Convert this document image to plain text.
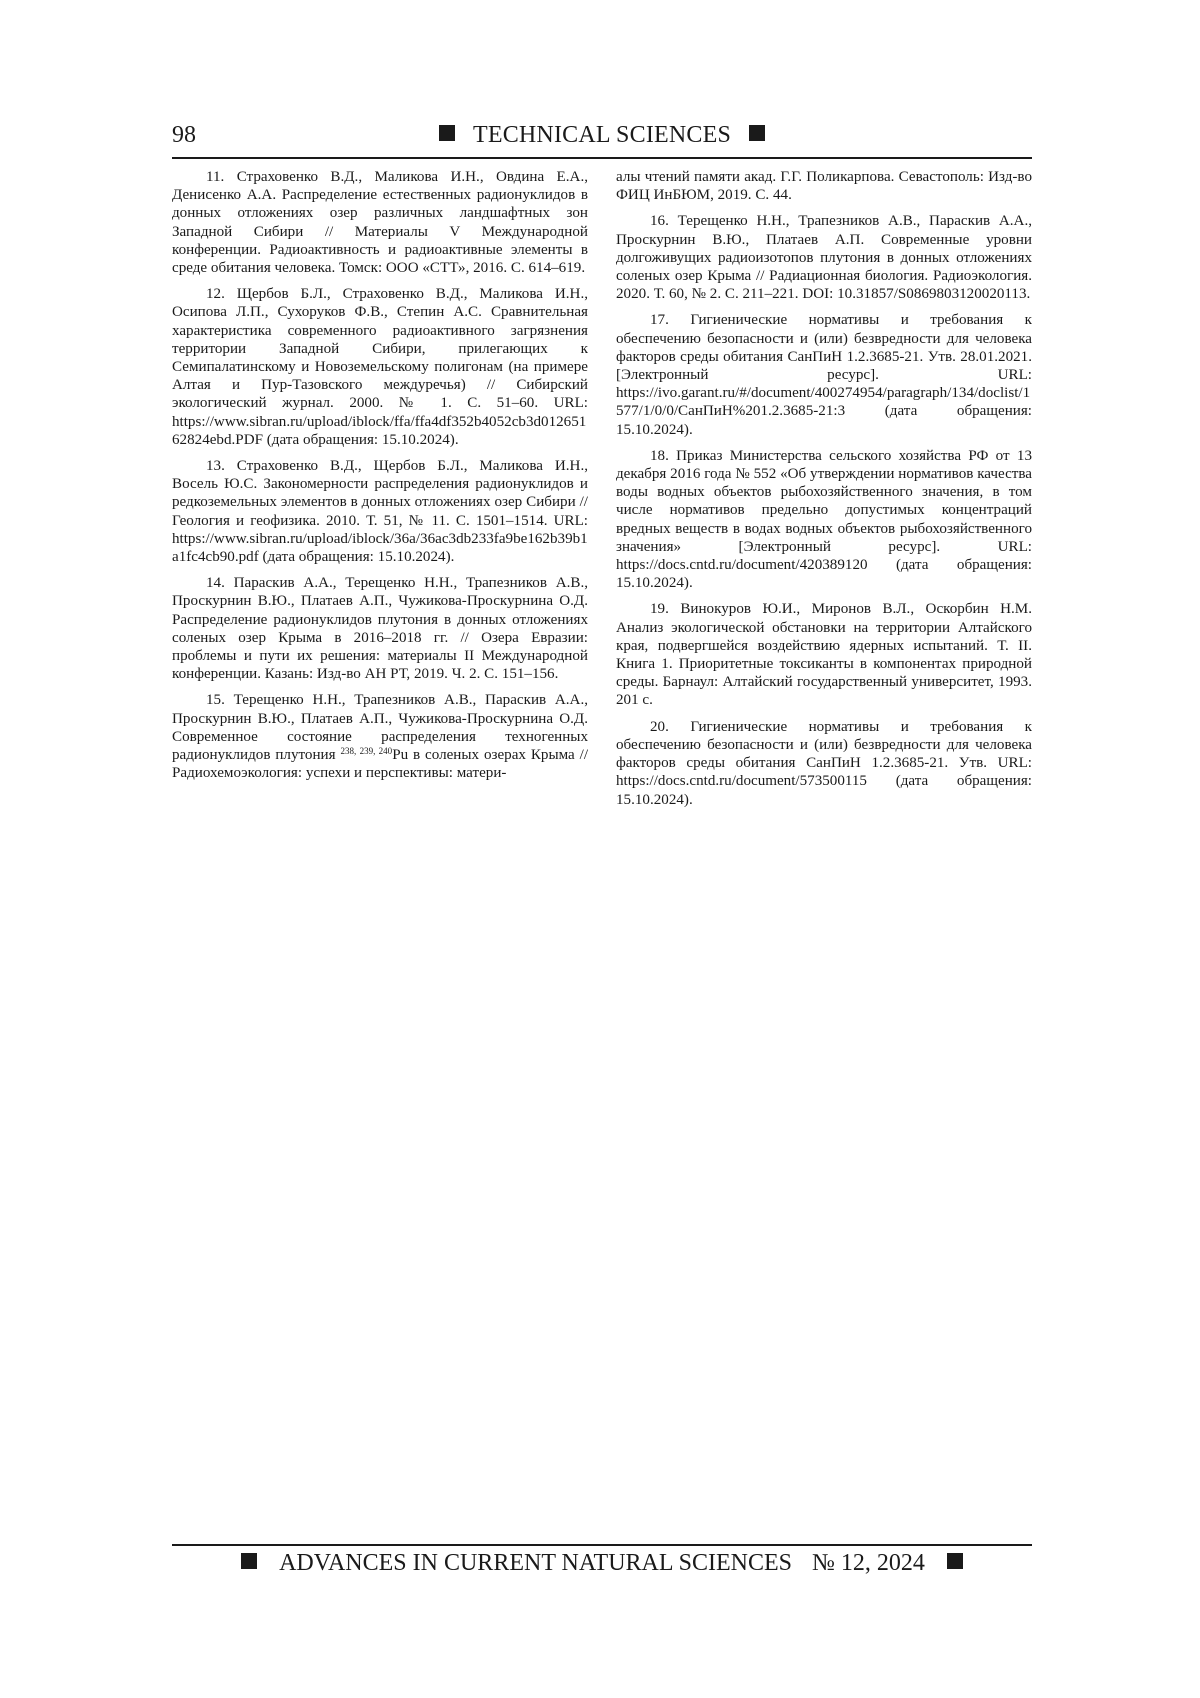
98	TECHNICAL SCIENCES

11. Страховенко В.Д., Маликова И.Н., Овдина Е.А., Денисенко А.А. Распределение естественных радионуклидов в донных отложениях озер различных ландшафтных зон Западной Сибири // Материалы V Международной конференции. Радиоактивность и радиоактивные элементы в среде обитания человека. Томск: ООО «СТТ», 2016. С. 614–619.

12. Щербов Б.Л., Страховенко В.Д., Маликова И.Н., Осипова Л.П., Сухоруков Ф.В., Степин А.С. Сравнительная характеристика современного радиоактивного загрязнения территории Западной Сибири, прилегающих к Семипалатинскому и Новоземельскому полигонам (на примере Алтая и Пур-Тазовского междуречья) // Сибирский экологический журнал. 2000. № 1. С. 51–60. URL: https://www.sibran.ru/upload/iblock/ffa/ffa4df352b4052cb3d01265162824ebd.PDF (дата обращения: 15.10.2024).

13. Страховенко В.Д., Щербов Б.Л., Маликова И.Н., Восель Ю.С. Закономерности распределения радионуклидов и редкоземельных элементов в донных отложениях озер Сибири // Геология и геофизика. 2010. Т. 51, № 11. С. 1501–1514. URL: https://www.sibran.ru/upload/iblock/36a/36ac3db233fa9be162b39b1a1fc4cb90.pdf (дата обращения: 15.10.2024).

14. Параскив А.А., Терещенко Н.Н., Трапезников А.В., Проскурнин В.Ю., Платаев А.П., Чужикова-Проскурнина О.Д. Распределение радионуклидов плутония в донных отложениях соленых озер Крыма в 2016–2018 гг. // Озера Евразии: проблемы и пути их решения: материалы II Международной конференции. Казань: Изд-во АН РТ, 2019. Ч. 2. С. 151–156.

15. Терещенко Н.Н., Трапезников А.В., Параскив А.А., Проскурнин В.Ю., Платаев А.П., Чужикова-Проскурнина О.Д. Современное состояние распределения техногенных радионуклидов плутония $^{238, 239, 240}$Pu в соленых озерах Крыма // Радиохемоэкология: успехи и перспективы: матери-

алы чтений памяти акад. Г.Г. Поликарпова. Севастополь: Изд-во ФИЦ ИнБЮМ, 2019. С. 44.

16. Терещенко Н.Н., Трапезников А.В., Параскив А.А., Проскурнин В.Ю., Платаев А.П. Современные уровни долгоживущих радиоизотопов плутония в донных отложениях соленых озер Крыма // Радиационная биология. Радиоэкология. 2020. Т. 60, № 2. С. 211–221. DOI: 10.31857/S0869803120020113.

17. Гигиенические нормативы и требования к обеспечению безопасности и (или) безвредности для человека факторов среды обитания СанПиН 1.2.3685-21. Утв. 28.01.2021. [Электронный ресурс]. URL: https://ivo.garant.ru/#/document/400274954/paragraph/134/doclist/1577/1/0/0/СанПиН%201.2.3685-21:3 (дата обращения: 15.10.2024).

18. Приказ Министерства сельского хозяйства РФ от 13 декабря 2016 года № 552 «Об утверждении нормативов качества воды водных объектов рыбохозяйственного значения, в том числе нормативов предельно допустимых концентраций вредных веществ в водах водных объектов рыбохозяйственного значения» [Электронный ресурс]. URL: https://docs.cntd.ru/document/420389120 (дата обращения: 15.10.2024).

19. Винокуров Ю.И., Миронов В.Л., Оскорбин Н.М. Анализ экологической обстановки на территории Алтайского края, подвергшейся воздействию ядерных испытаний. Т. II. Книга 1. Приоритетные токсиканты в компонентах природной среды. Барнаул: Алтайский государственный университет, 1993. 201 с.

20. Гигиенические нормативы и требования к обеспечению безопасности и (или) безвредности для человека факторов среды обитания СанПиН 1.2.3685-21. Утв. URL: https://docs.cntd.ru/document/573500115 (дата обращения: 15.10.2024).

ADVANCES IN CURRENT NATURAL SCIENCES № 12, 2024
